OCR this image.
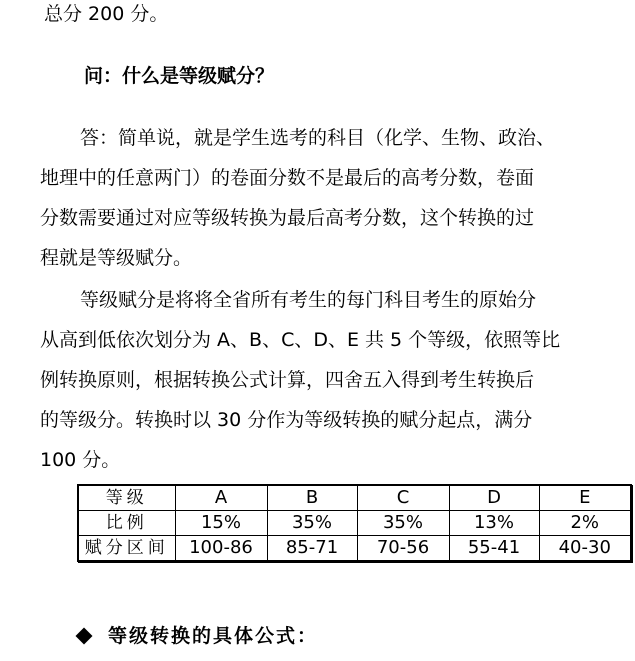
总分 200 分。
问：什么是等级赋分？
答：简单说，就是学生选考的科目（化学、生物、政治、
地理中的任意两门）的卷面分数不是最后的高考分数，卷面
分数需要通过对应等级转换为最后高考分数，这个转换的过
程就是等级赋分。
等级赋分是将将全省所有考生的每门科目考生的原始分
从高到低依次划分为 A、B、C、D、E 共 5 个等级，依照等比
例转换原则，根据转换公式计算，四舍五入得到考生转换后
的等级分。转换时以 30 分作为等级转换的赋分起点，满分
100 分。
等级	A	B	C	D	E
比例	15%	35%	35%	13%	2%
赋分区间	100-86	85-71	70-56	55-41	40-30
等级转换的具体公式：
